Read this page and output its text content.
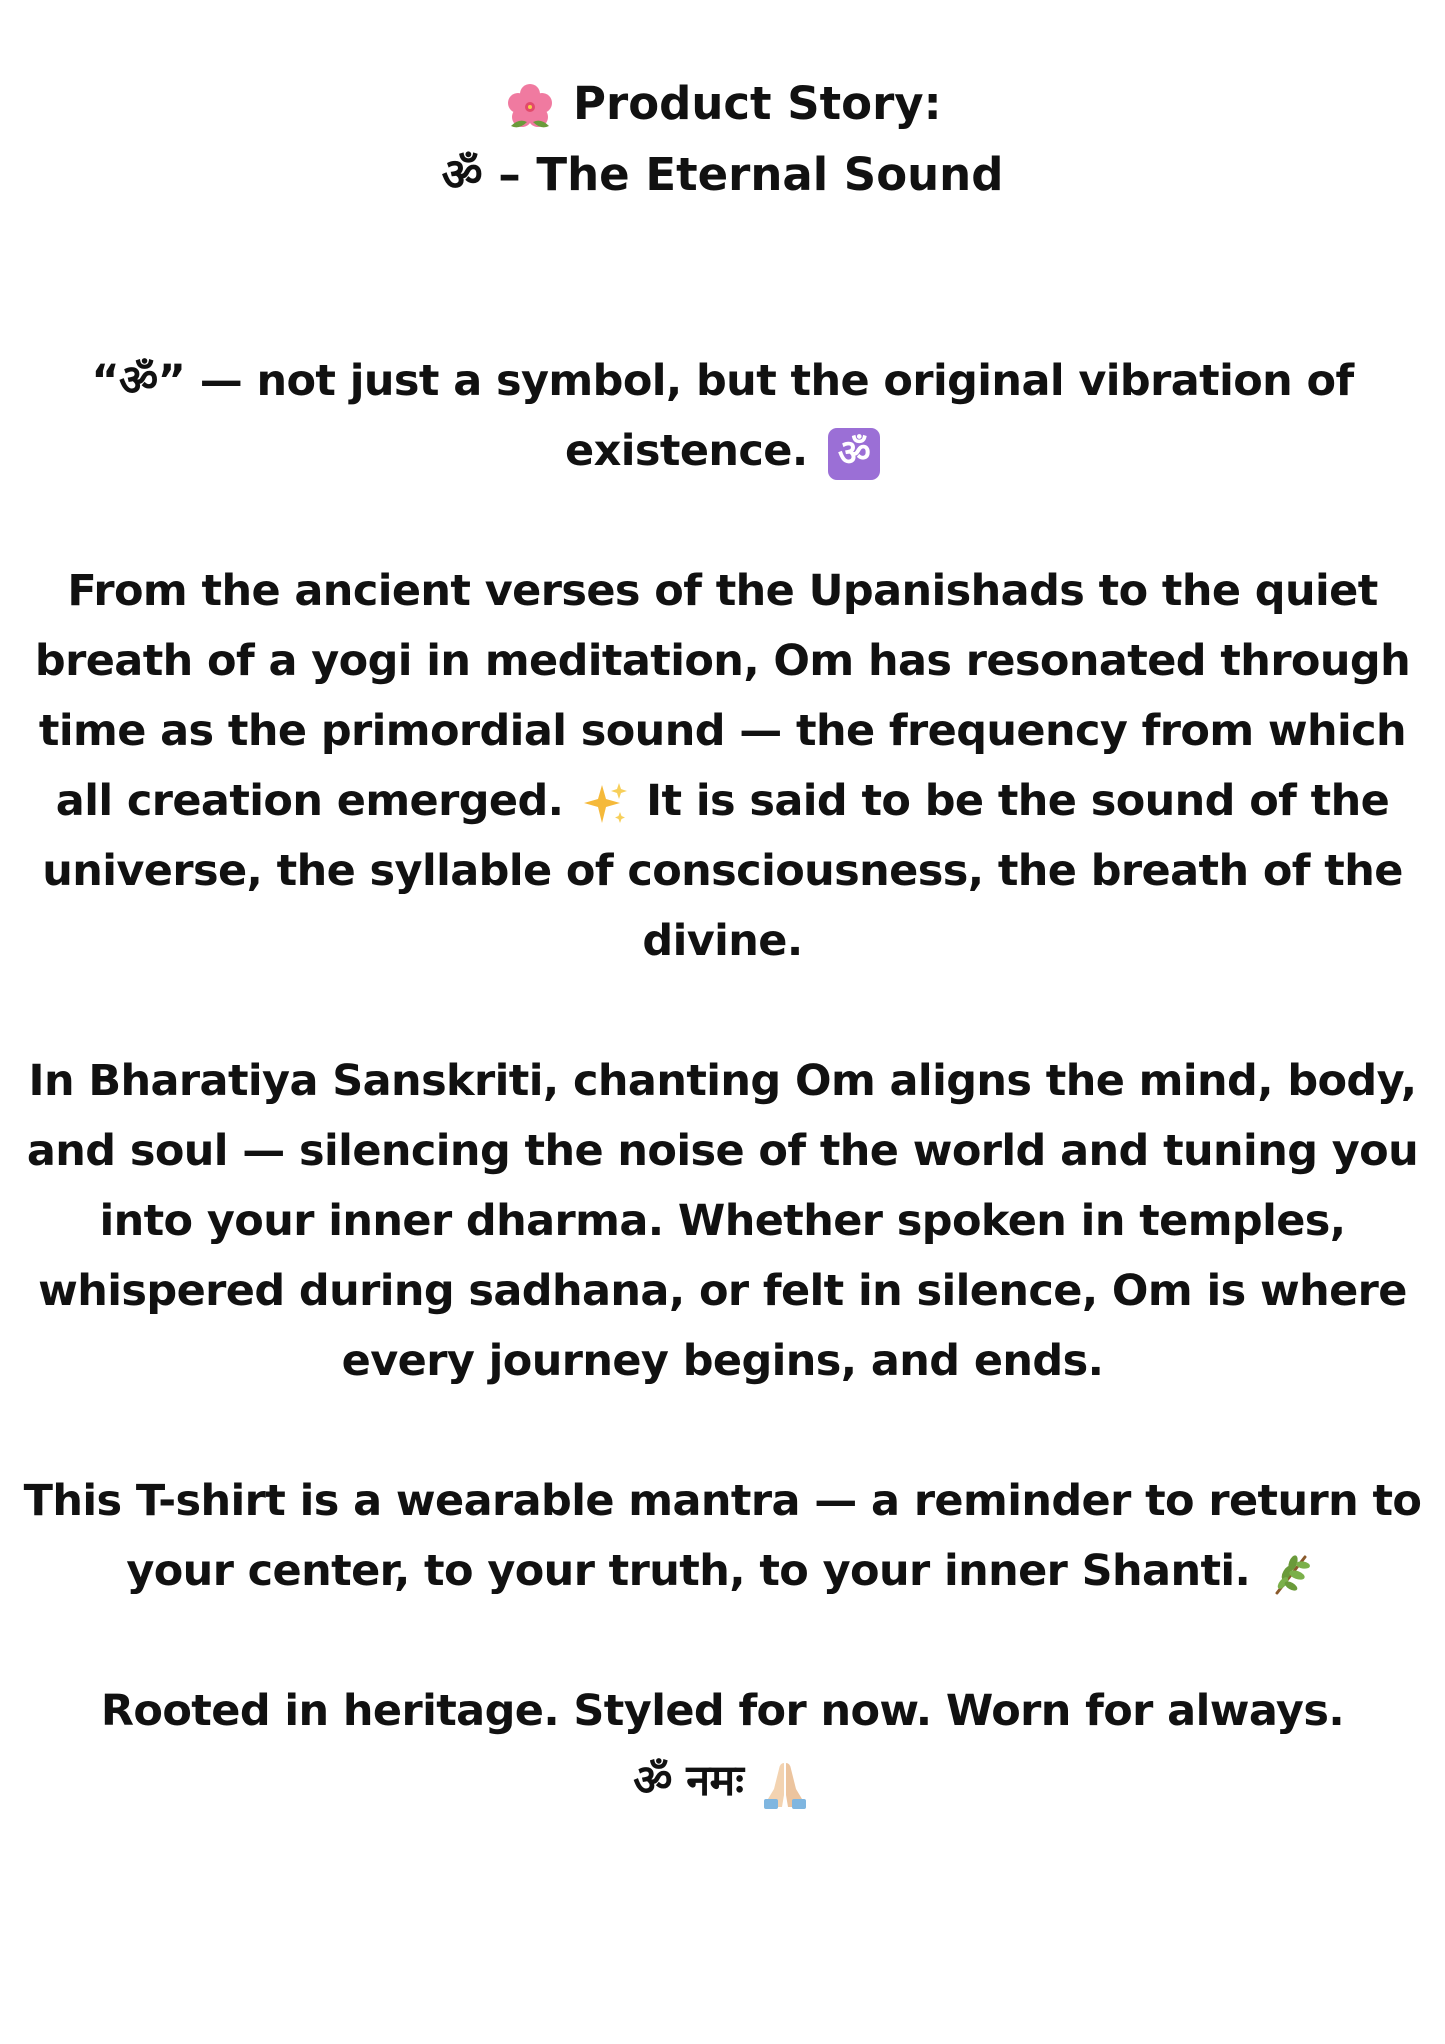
Product Story:
ॐ – The Eternal Sound

“ॐ” — not just a symbol, but the original vibration of
existence. ॐ

From the ancient verses of the Upanishads to the quiet
breath of a yogi in meditation, Om has resonated through
time as the primordial sound — the frequency from which
all creation emerged. It is said to be the sound of the
universe, the syllable of consciousness, the breath of the
divine.

In Bharatiya Sanskriti, chanting Om aligns the mind, body,
and soul — silencing the noise of the world and tuning you
into your inner dharma. Whether spoken in temples,
whispered during sadhana, or felt in silence, Om is where
every journey begins, and ends.

This T-shirt is a wearable mantra — a reminder to return to
your center, to your truth, to your inner Shanti.

Rooted in heritage. Styled for now. Worn for always.
ॐ नमः
